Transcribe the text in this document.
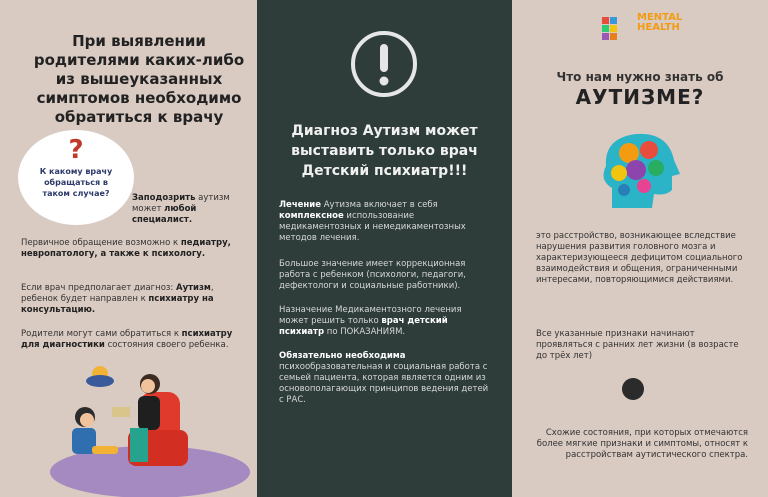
При выявлении родителями каких-либо из вышеуказанных симптомов необходимо обратиться к врачу
?
К какому врачу обращаться в таком случае?	Заподозрить аутизм может любой специалист.
Первичное обращение возможно к педиатру, невропатологу, а также к психологу.
Если врач предполагает диагноз: Аутизм, ребенок будет направлен к психиатру на консультацию.
Родители могут сами обратиться к психиатру для диагностики состояния своего ребенка.
Диагноз Аутизм может выставить только врач Детский психиатр!!!
Лечение Аутизма включает в себя комплексное использование медикаментозных и немедикаментозных методов лечения.
Большое значение имеет коррекционная работа с ребенком (психологи, педагоги, дефектологи и социальные работники).
Назначение Медикаментозного лечения может решить только врач детский психиатр по ПОКАЗАНИЯМ.
Обязательно необходима психообразовательная и социальная работа с семьей пациента, которая является одним из основополагающих принципов ведения детей с РАС.
MENTAL HEALTH
Что нам нужно знать об
АУТИЗМЕ?
это расстройство, возникающее вследствие нарушения развития головного мозга и характеризующееся дефицитом социального взаимодействия и общения, ограниченными интересами, повторяющимися действиями.
Все указанные признаки начинают проявляться с ранних лет жизни (в возрасте до трёх лет)
Схожие состояния, при которых отмечаются более мягкие признаки и симптомы, относят к расстройствам аутистического спектра.
